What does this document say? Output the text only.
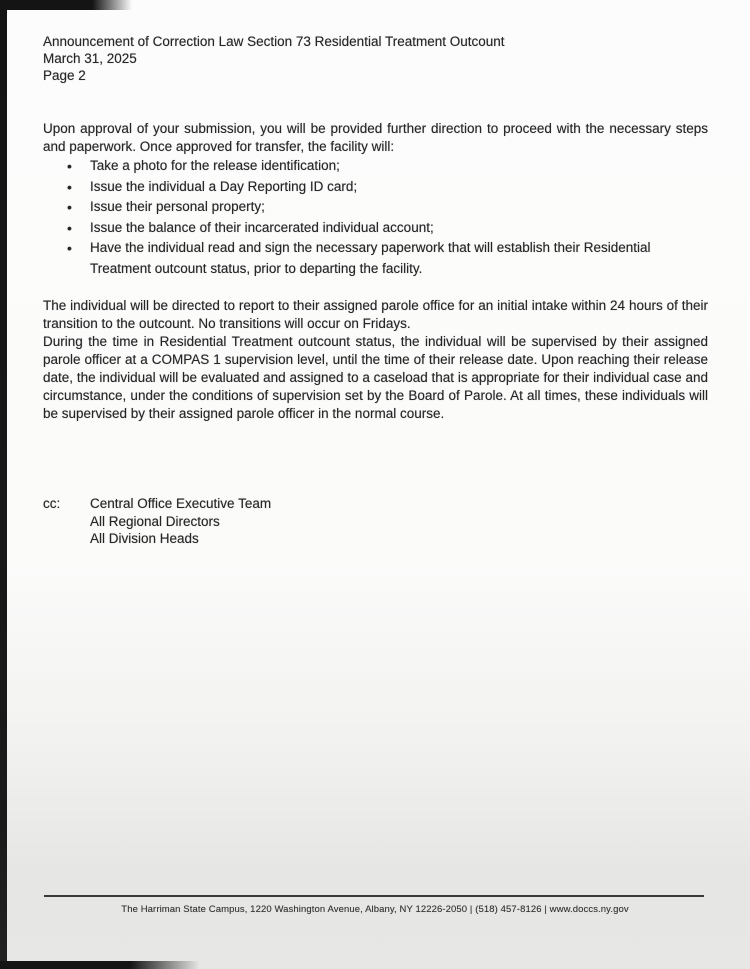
Announcement of Correction Law Section 73 Residential Treatment Outcount
March 31, 2025
Page 2

Upon approval of your submission, you will be provided further direction to proceed with the necessary steps and paperwork. Once approved for transfer, the facility will:

• Take a photo for the release identification;
• Issue the individual a Day Reporting ID card;
• Issue their personal property;
• Issue the balance of their incarcerated individual account;
• Have the individual read and sign the necessary paperwork that will establish their Residential Treatment outcount status, prior to departing the facility.

The individual will be directed to report to their assigned parole office for an initial intake within 24 hours of their transition to the outcount. No transitions will occur on Fridays.

During the time in Residential Treatment outcount status, the individual will be supervised by their assigned parole officer at a COMPAS 1 supervision level, until the time of their release date. Upon reaching their release date, the individual will be evaluated and assigned to a caseload that is appropriate for their individual case and circumstance, under the conditions of supervision set by the Board of Parole. At all times, these individuals will be supervised by their assigned parole officer in the normal course.

cc:	Central Office Executive Team
All Regional Directors
All Division Heads
The Harriman State Campus, 1220 Washington Avenue, Albany, NY 12226-2050 | (518) 457-8126 | www.doccs.ny.gov
